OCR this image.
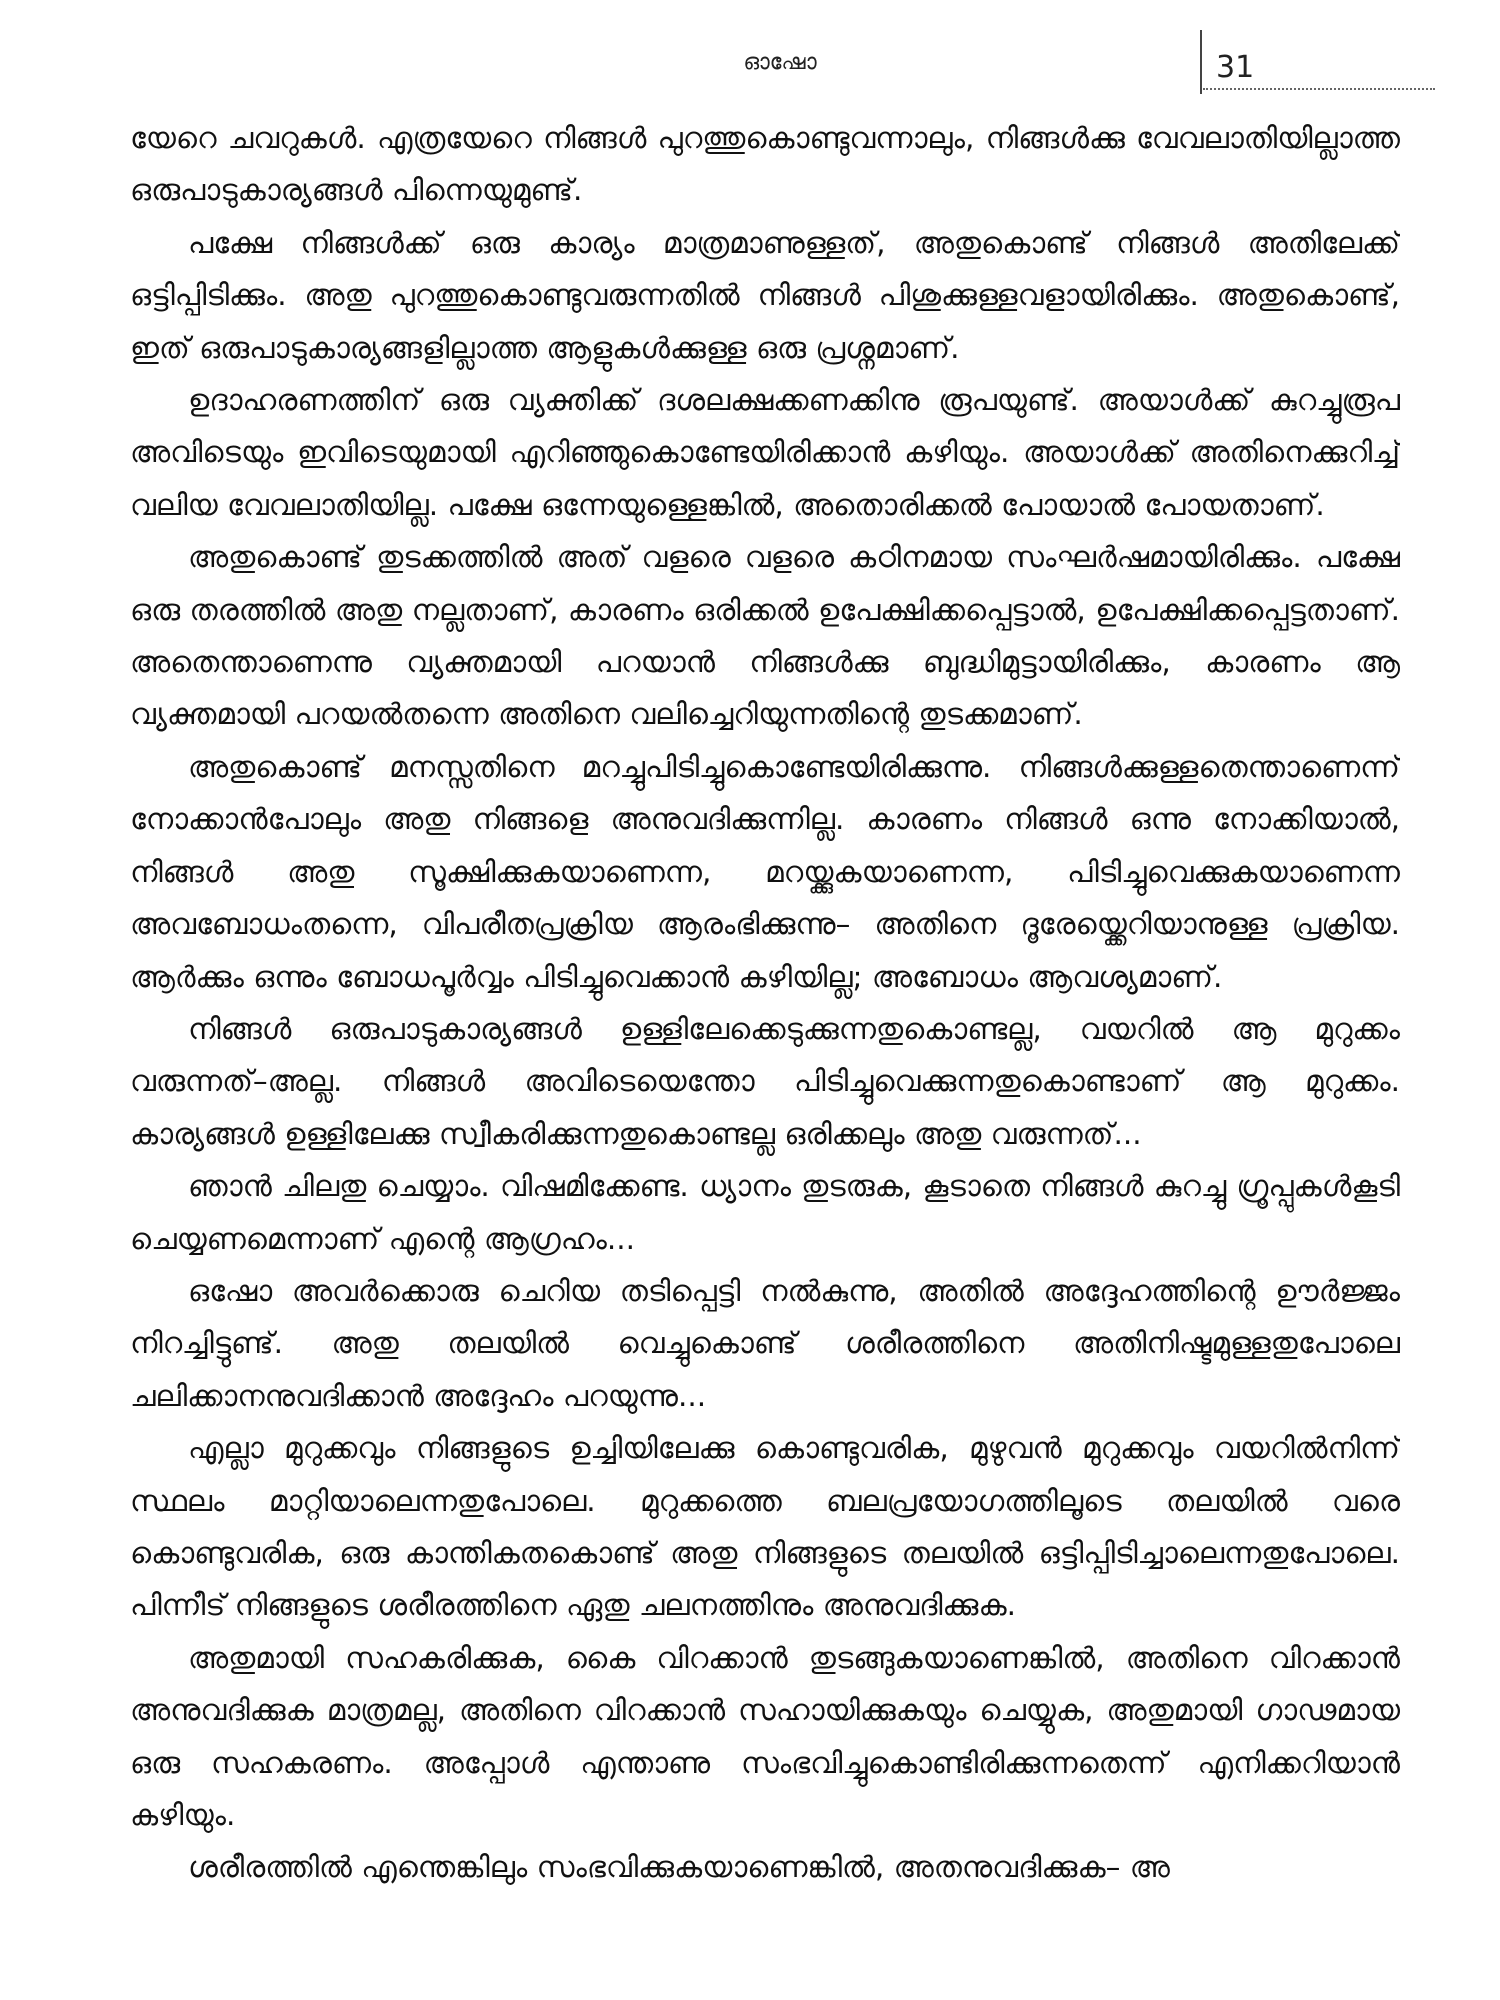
ഓഷോ	31

യേറെ ചവറുകൾ. എത്രയേറെ നിങ്ങൾ പുറത്തുകൊണ്ടുവന്നാലും, നിങ്ങൾക്കു വേവലാതിയില്ലാത്ത ഒരുപാടുകാര്യങ്ങൾ പിന്നെയുമുണ്ട്.

പക്ഷേ നിങ്ങൾക്ക് ഒരു കാര്യം മാത്രമാണുള്ളത്, അതുകൊണ്ട് നിങ്ങൾ അതിലേക്ക് ഒട്ടിപ്പിടിക്കും. അതു പുറത്തുകൊണ്ടുവരുന്നതിൽ നിങ്ങൾ പിശുക്കുള്ളവളായിരിക്കും. അതുകൊണ്ട്, ഇത് ഒരുപാടുകാര്യങ്ങളില്ലാത്ത ആളുകൾക്കുള്ള ഒരു പ്രശ്നമാണ്.

ഉദാഹരണത്തിന് ഒരു വ്യക്തിക്ക് ദശലക്ഷക്കണക്കിനു രൂപയുണ്ട്. അയാൾക്ക് കുറച്ചുരൂപ അവിടെയും ഇവിടെയുമായി എറിഞ്ഞുകൊണ്ടേയിരിക്കാൻ കഴിയും. അയാൾക്ക് അതിനെക്കുറിച്ച് വലിയ വേവലാതിയില്ല. പക്ഷേ ഒന്നേയുള്ളെങ്കിൽ, അതൊരിക്കൽ പോയാൽ പോയതാണ്.

അതുകൊണ്ട് തുടക്കത്തിൽ അത് വളരെ വളരെ കഠിനമായ സംഘർഷമായിരിക്കും. പക്ഷേ ഒരു തരത്തിൽ അതു നല്ലതാണ്, കാരണം ഒരിക്കൽ ഉപേക്ഷിക്കപ്പെട്ടാൽ, ഉപേക്ഷിക്കപ്പെട്ടതാണ്. അതെന്താണെന്നു വ്യക്തമായി പറയാൻ നിങ്ങൾക്കു ബുദ്ധിമുട്ടായിരിക്കും, കാരണം ആ വ്യക്തമായി പറയൽതന്നെ അതിനെ വലിച്ചെറിയുന്നതിന്റെ തുടക്കമാണ്.

അതുകൊണ്ട് മനസ്സതിനെ മറച്ചുപിടിച്ചുകൊണ്ടേയിരിക്കുന്നു. നിങ്ങൾക്കുള്ളതെന്താണെന്ന് നോക്കാൻപോലും അതു നിങ്ങളെ അനുവദിക്കുന്നില്ല. കാരണം നിങ്ങൾ ഒന്നു നോക്കിയാൽ, നിങ്ങൾ അതു സൂക്ഷിക്കുകയാണെന്ന, മറയ്ക്കുകയാണെന്ന, പിടിച്ചുവെക്കുകയാണെന്ന അവബോധംതന്നെ, വിപരീതപ്രക്രിയ ആരംഭിക്കുന്നു– അതിനെ ദൂരേയ്ക്കെറിയാനുള്ള പ്രക്രിയ. ആർക്കും ഒന്നും ബോധപൂർവ്വം പിടിച്ചുവെക്കാൻ കഴിയില്ല; അബോധം ആവശ്യമാണ്.

നിങ്ങൾ ഒരുപാടുകാര്യങ്ങൾ ഉള്ളിലേക്കെടുക്കുന്നതുകൊണ്ടല്ല, വയറിൽ ആ മുറുക്കം വരുന്നത്–അല്ല. നിങ്ങൾ അവിടെയെന്തോ പിടിച്ചുവെക്കുന്നതുകൊണ്ടാണ് ആ മുറുക്കം. കാര്യങ്ങൾ ഉള്ളിലേക്കു സ്വീകരിക്കുന്നതുകൊണ്ടല്ല ഒരിക്കലും അതു വരുന്നത്...

ഞാൻ ചിലതു ചെയ്യാം. വിഷമിക്കേണ്ട. ധ്യാനം തുടരുക, കൂടാതെ നിങ്ങൾ കുറച്ചു ഗ്രൂപ്പുകൾകൂടി ചെയ്യണമെന്നാണ് എന്റെ ആഗ്രഹം...

ഒഷോ അവർക്കൊരു ചെറിയ തടിപ്പെട്ടി നൽകുന്നു, അതിൽ അദ്ദേഹത്തിന്റെ ഊർജ്ജം നിറച്ചിട്ടുണ്ട്. അതു തലയിൽ വെച്ചുകൊണ്ട് ശരീരത്തിനെ അതിനിഷ്ടമുള്ളതുപോലെ ചലിക്കാനനുവദിക്കാൻ അദ്ദേഹം പറയുന്നു...

എല്ലാ മുറുക്കവും നിങ്ങളുടെ ഉച്ചിയിലേക്കു കൊണ്ടുവരിക, മുഴുവൻ മുറുക്കവും വയറിൽനിന്ന് സ്ഥലം മാറ്റിയാലെന്നതുപോലെ. മുറുക്കത്തെ ബലപ്രയോഗത്തിലൂടെ തലയിൽ വരെ കൊണ്ടുവരിക, ഒരു കാന്തികതകൊണ്ട് അതു നിങ്ങളുടെ തലയിൽ ഒട്ടിപ്പിടിച്ചാലെന്നതുപോലെ. പിന്നീട് നിങ്ങളുടെ ശരീരത്തിനെ ഏതു ചലനത്തിനും അനുവദിക്കുക.

അതുമായി സഹകരിക്കുക, കൈ വിറക്കാൻ തുടങ്ങുകയാണെങ്കിൽ, അതിനെ വിറക്കാൻ അനുവദിക്കുക മാത്രമല്ല, അതിനെ വിറക്കാൻ സഹായിക്കുകയും ചെയ്യുക, അതുമായി ഗാഢമായ ഒരു സഹകരണം. അപ്പോൾ എന്താണു സംഭവിച്ചുകൊണ്ടിരിക്കുന്നതെന്ന് എനിക്കറിയാൻ കഴിയും.

ശരീരത്തിൽ എന്തെങ്കിലും സംഭവിക്കുകയാണെങ്കിൽ, അതനുവദിക്കുക– അ
